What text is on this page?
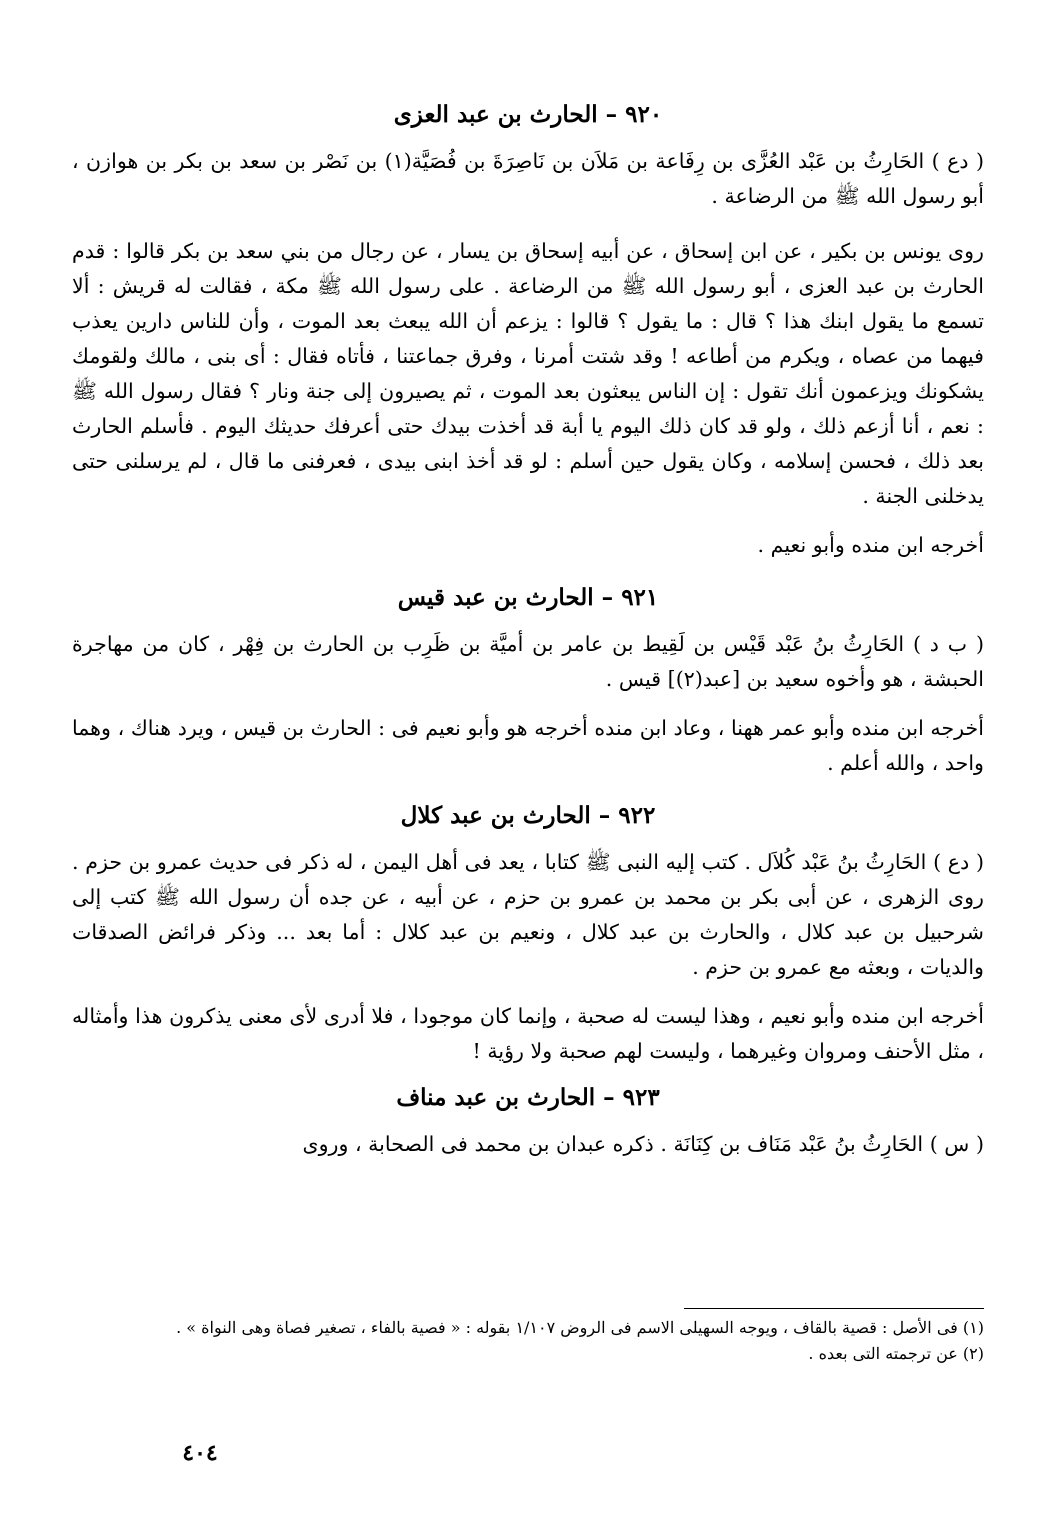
٩٢٠ – الحارث بن عبد العزى

( دع ) الحَارِثُ بن عَبْد العُزَّى بن رِفَاعة بن مَلاَن بن نَاصِرَةَ بن فُصَيَّة(١) بن نَصْر بن سعد بن بكر بن هوازن ، أبو رسول الله ﷺ من الرضاعة .

روى يونس بن بكير ، عن ابن إسحاق ، عن أبيه إسحاق بن يسار ، عن رجال من بني سعد بن بكر قالوا : قدم الحارث بن عبد العزى ، أبو رسول الله ﷺ من الرضاعة . على رسول الله ﷺ مكة ، فقالت له قريش : ألا تسمع ما يقول ابنك هذا ؟ قال : ما يقول ؟ قالوا : يزعم أن الله يبعث بعد الموت ، وأن للناس دارين يعذب فيهما من عصاه ، ويكرم من أطاعه ! وقد شتت أمرنا ، وفرق جماعتنا ، فأتاه فقال : أى بنى ، مالك ولقومك يشكونك ويزعمون أنك تقول : إن الناس يبعثون بعد الموت ، ثم يصيرون إلى جنة ونار ؟ فقال رسول الله ﷺ : نعم ، أنا أزعم ذلك ، ولو قد كان ذلك اليوم يا أبة قد أخذت بيدك حتى أعرفك حديثك اليوم . فأسلم الحارث بعد ذلك ، فحسن إسلامه ، وكان يقول حين أسلم : لو قد أخذ ابنى بيدى ، فعرفنى ما قال ، لم يرسلنى حتى يدخلنى الجنة .

أخرجه ابن منده وأبو نعيم .

٩٢١ – الحارث بن عبد قيس

( ب د ) الحَارِثُ بنُ عَبْد قَيْس بن لَقِيط بن عامر بن أميَّة بن ظَرِب بن الحارث بن فِهْر ، كان من مهاجرة الحبشة ، هو وأخوه سعيد بن [عبد(٢)] قيس .

أخرجه ابن منده وأبو عمر ههنا ، وعاد ابن منده أخرجه هو وأبو نعيم فى : الحارث بن قيس ، ويرد هناك ، وهما واحد ، والله أعلم .

٩٢٢ – الحارث بن عبد كلال

( دع ) الحَارِثُ بنُ عَبْد كُلاَل . كتب إليه النبى ﷺ كتابا ، يعد فى أهل اليمن ، له ذكر فى حديث عمرو بن حزم . روى الزهرى ، عن أبى بكر بن محمد بن عمرو بن حزم ، عن أبيه ، عن جده أن رسول الله ﷺ كتب إلى شرحبيل بن عبد كلال ، والحارث بن عبد كلال ، ونعيم بن عبد كلال : أما بعد ... وذكر فرائض الصدقات والديات ، وبعثه مع عمرو بن حزم .

أخرجه ابن منده وأبو نعيم ، وهذا ليست له صحبة ، وإنما كان موجودا ، فلا أدرى لأى معنى يذكرون هذا وأمثاله ، مثل الأحنف ومروان وغيرهما ، وليست لهم صحبة ولا رؤية !

٩٢٣ – الحارث بن عبد مناف

( س ) الحَارِثُ بنُ عَبْد مَنَاف بن كِنَانَة . ذكره عبدان بن محمد فى الصحابة ، وروى

(١) فى الأصل : قصية بالقاف ، ويوجه السهيلى الاسم فى الروض ١/١٠٧ بقوله : « فصية بالفاء ، تصغير فصاة وهى النواة » .

(٢) عن ترجمته التى بعده .

٤٠٤
